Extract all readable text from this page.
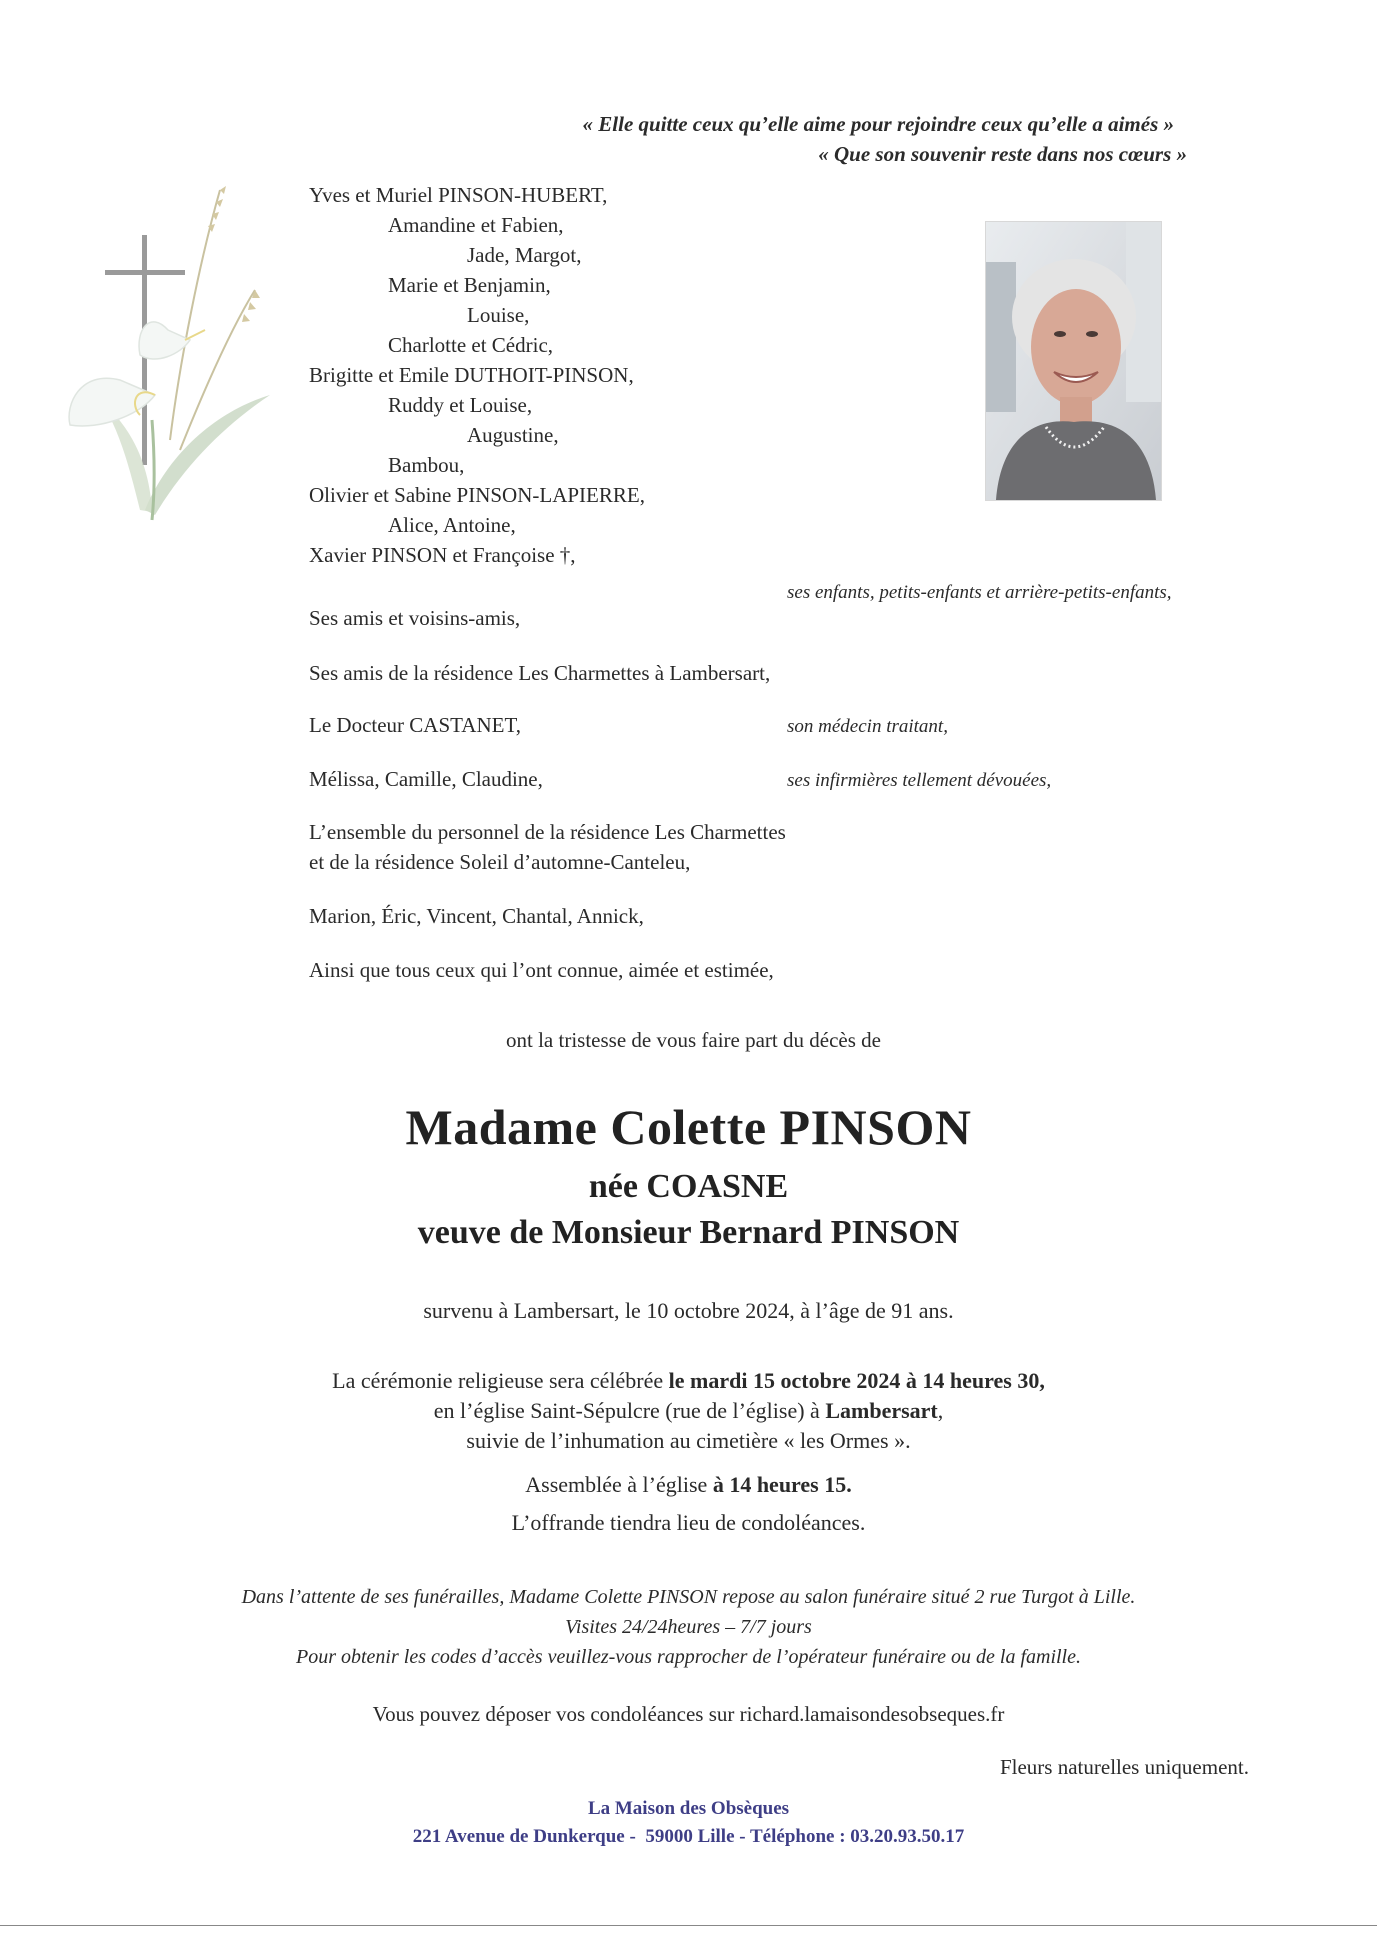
« Elle quitte ceux qu’elle aime pour rejoindre ceux qu’elle a aimés »
« Que son souvenir reste dans nos cœurs »
Yves et Muriel PINSON-HUBERT,
Amandine et Fabien,
Jade, Margot,
Marie et Benjamin,
Louise,
Charlotte et Cédric,
Brigitte et Emile DUTHOIT-PINSON,
Ruddy et Louise,
Augustine,
Bambou,
Olivier et Sabine PINSON-LAPIERRE,
Alice, Antoine,
Xavier PINSON et Françoise †,
ses enfants, petits-enfants et arrière-petits-enfants,
Ses amis et voisins-amis,
Ses amis de la résidence Les Charmettes à Lambersart,
Le Docteur CASTANET,	son médecin traitant,
Mélissa, Camille, Claudine,	ses infirmières tellement dévouées,
L’ensemble du personnel de la résidence Les Charmettes
et de la résidence Soleil d’automne-Canteleu,
Marion, Éric, Vincent, Chantal, Annick,
Ainsi que tous ceux qui l’ont connue, aimée et estimée,
ont la tristesse de vous faire part du décès de
Madame Colette PINSON
née COASNE
veuve de Monsieur Bernard PINSON
survenu à Lambersart, le 10 octobre 2024, à l’âge de 91 ans.
La cérémonie religieuse sera célébrée le mardi 15 octobre 2024 à 14 heures 30,
en l’église Saint-Sépulcre (rue de l’église) à Lambersart,
suivie de l’inhumation au cimetière « les Ormes ».
Assemblée à l’église à 14 heures 15.
L’offrande tiendra lieu de condoléances.
Dans l’attente de ses funérailles, Madame Colette PINSON repose au salon funéraire situé 2 rue Turgot à Lille.
Visites 24/24heures – 7/7 jours
Pour obtenir les codes d’accès veuillez-vous rapprocher de l’opérateur funéraire ou de la famille.
Vous pouvez déposer vos condoléances sur richard.lamaisondesobseques.fr
Fleurs naturelles uniquement.
La Maison des Obsèques
221 Avenue de Dunkerque -  59000 Lille - Téléphone : 03.20.93.50.17
